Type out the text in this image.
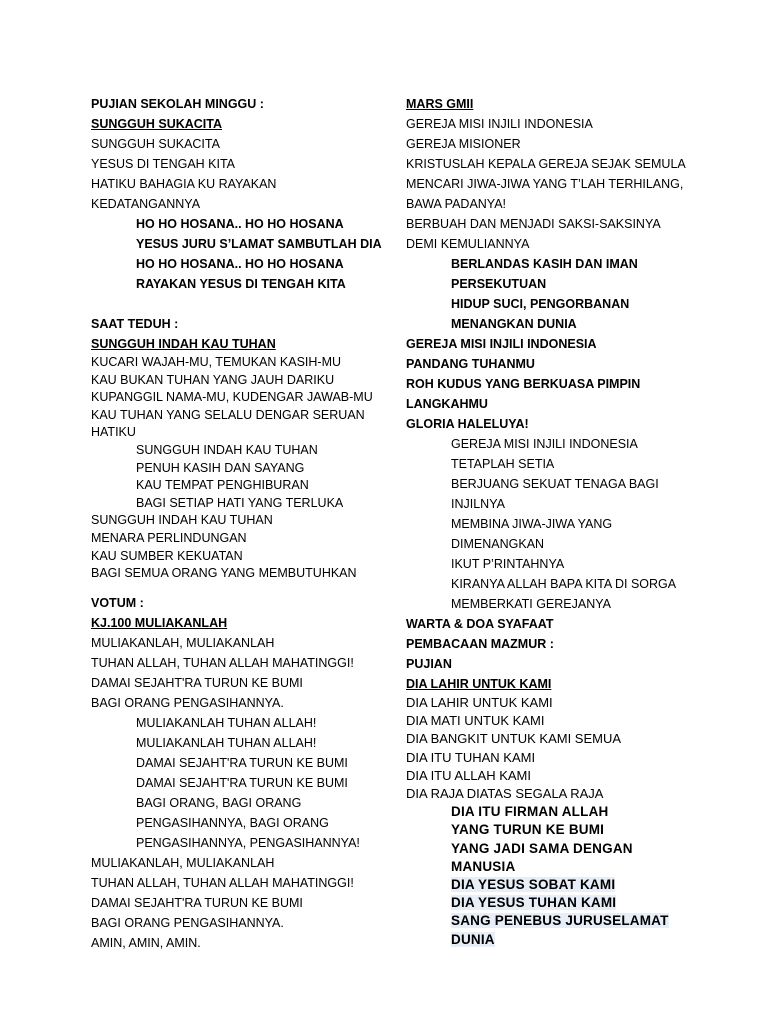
PUJIAN SEKOLAH MINGGU :
SUNGGUH SUKACITA
SUNGGUH SUKACITA
YESUS DI TENGAH KITA
HATIKU BAHAGIA KU RAYAKAN
KEDATANGANNYA
HO HO HOSANA.. HO HO HOSANA
YESUS JURU S’LAMAT SAMBUTLAH DIA
HO HO HOSANA.. HO HO HOSANA
RAYAKAN YESUS DI TENGAH KITA
SAAT TEDUH :
SUNGGUH INDAH KAU TUHAN
KUCARI WAJAH-MU, TEMUKAN KASIH-MU
KAU BUKAN TUHAN YANG JAUH DARIKU
KUPANGGIL NAMA-MU, KUDENGAR JAWAB-MU
KAU TUHAN YANG SELALU DENGAR SERUAN
HATIKU
SUNGGUH INDAH KAU TUHAN
PENUH KASIH DAN SAYANG
KAU TEMPAT PENGHIBURAN
BAGI SETIAP HATI YANG TERLUKA
SUNGGUH INDAH KAU TUHAN
MENARA PERLINDUNGAN
KAU SUMBER KEKUATAN
BAGI SEMUA ORANG YANG MEMBUTUHKAN
VOTUM :
KJ.100 MULIAKANLAH
MULIAKANLAH, MULIAKANLAH
TUHAN ALLAH, TUHAN ALLAH MAHATINGGI!
DAMAI SEJAHT'RA TURUN KE BUMI
BAGI ORANG PENGASIHANNYA.
MULIAKANLAH TUHAN ALLAH!
MULIAKANLAH TUHAN ALLAH!
DAMAI SEJAHT'RA TURUN KE BUMI
DAMAI SEJAHT'RA TURUN KE BUMI
BAGI ORANG, BAGI ORANG
PENGASIHANNYA, BAGI ORANG
PENGASIHANNYA, PENGASIHANNYA!
MULIAKANLAH, MULIAKANLAH
TUHAN ALLAH, TUHAN ALLAH MAHATINGGI!
DAMAI SEJAHT'RA TURUN KE BUMI
BAGI ORANG PENGASIHANNYA.
AMIN, AMIN, AMIN.
MARS GMII
GEREJA MISI INJILI INDONESIA
GEREJA MISIONER
KRISTUSLAH KEPALA GEREJA SEJAK SEMULA
MENCARI JIWA-JIWA YANG T’LAH TERHILANG,
BAWA PADANYA!
BERBUAH DAN MENJADI SAKSI-SAKSINYA
DEMI KEMULIANNYA
BERLANDAS KASIH DAN IMAN
PERSEKUTUAN
HIDUP SUCI, PENGORBANAN
MENANGKAN DUNIA
GEREJA MISI INJILI INDONESIA
PANDANG TUHANMU
ROH KUDUS YANG BERKUASA PIMPIN
LANGKAHMU
GLORIA HALELUYA!
GEREJA MISI INJILI INDONESIA
TETAPLAH SETIA
BERJUANG SEKUAT TENAGA BAGI
INJILNYA
MEMBINA JIWA-JIWA YANG
DIMENANGKAN
IKUT P’RINTAHNYA
KIRANYA ALLAH BAPA KITA DI SORGA
MEMBERKATI GEREJANYA
WARTA & DOA SYAFAAT
PEMBACAAN MAZMUR :
PUJIAN
DIA LAHIR UNTUK KAMI
DIA LAHIR UNTUK KAMI
DIA MATI UNTUK KAMI
DIA BANGKIT UNTUK KAMI SEMUA
DIA ITU TUHAN KAMI
DIA ITU ALLAH KAMI
DIA RAJA DIATAS SEGALA RAJA
DIA ITU FIRMAN ALLAH
YANG TURUN KE BUMI
YANG JADI SAMA DENGAN
MANUSIA
DIA YESUS SOBAT KAMI
DIA YESUS TUHAN KAMI
SANG PENEBUS JURUSELAMAT
DUNIA
